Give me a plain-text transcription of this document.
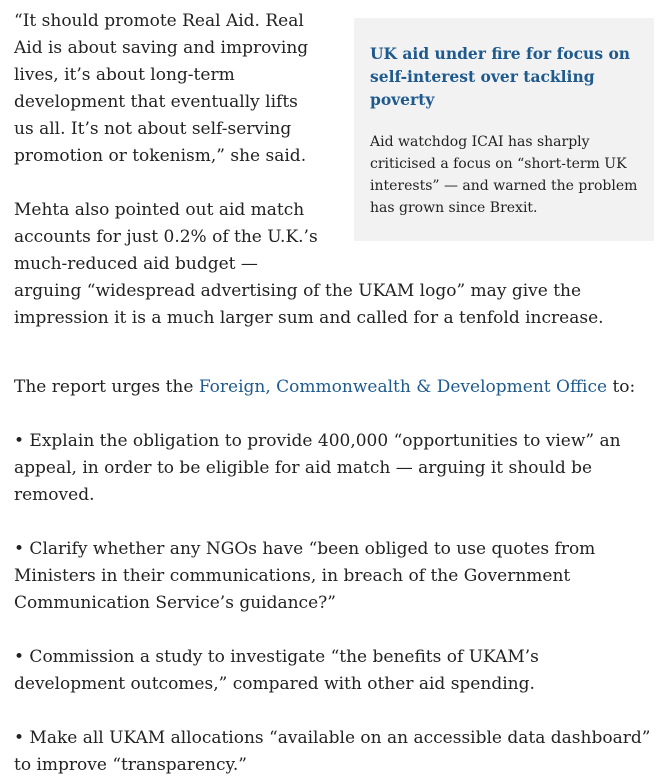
UK aid under fire for focus on self-interest over tackling poverty

Aid watchdog ICAI has sharply criticised a focus on “short-term UK interests” — and warned the problem has grown since Brexit.

“It should promote Real Aid. Real Aid is about saving and improving lives, it’s about long-term development that eventually lifts us all. It’s not about self-serving promotion or tokenism,” she said.

Mehta also pointed out aid match accounts for just 0.2% of the U.K.’s much-reduced aid budget — arguing “widespread advertising of the UKAM logo” may give the impression it is a much larger sum and called for a tenfold increase.

The report urges the Foreign, Commonwealth & Development Office to:

• Explain the obligation to provide 400,000 “opportunities to view” an appeal, in order to be eligible for aid match — arguing it should be removed.

• Clarify whether any NGOs have “been obliged to use quotes from Ministers in their communications, in breach of the Government Communication Service’s guidance?”

• Commission a study to investigate “the benefits of UKAM’s development outcomes,” compared with other aid spending.

• Make all UKAM allocations “available on an accessible data dashboard” to improve “transparency.”
